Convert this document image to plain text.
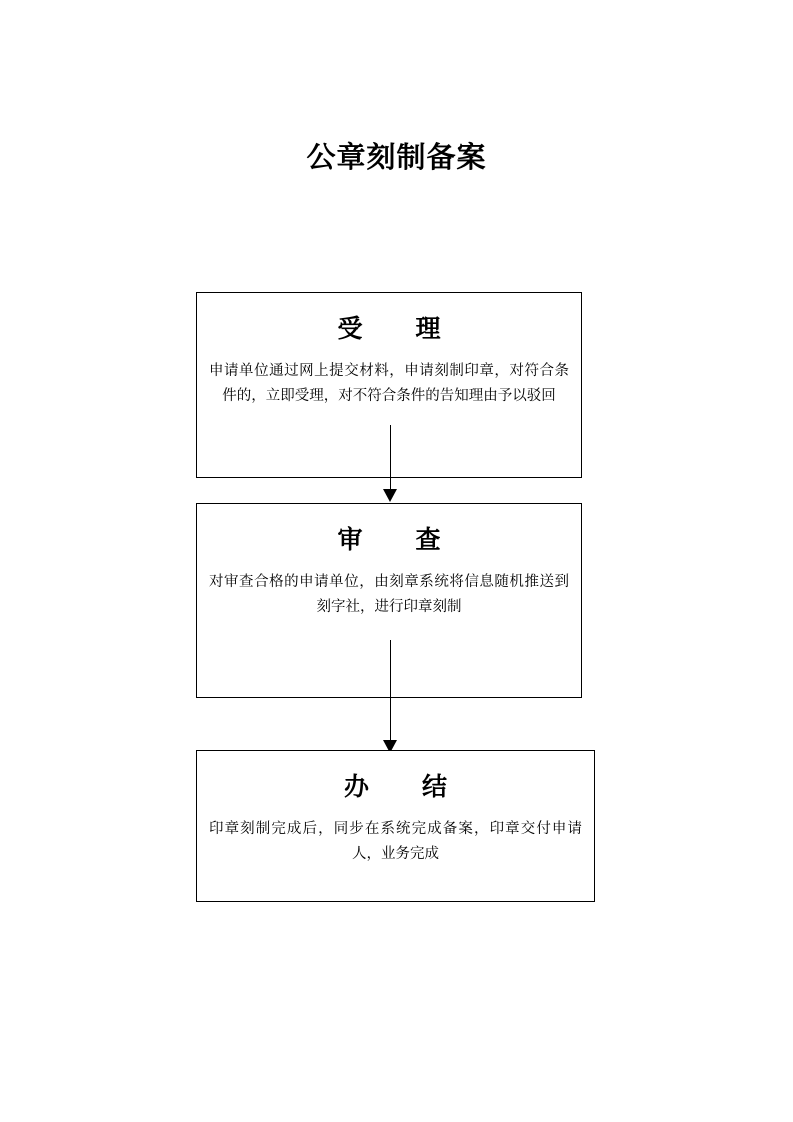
公章刻制备案
受　理
申请单位通过网上提交材料，申请刻制印章，对符合条件的，立即受理，对不符合条件的告知理由予以驳回
审　查
对审查合格的申请单位，由刻章系统将信息随机推送到刻字社，进行印章刻制
办　结
印章刻制完成后，同步在系统完成备案，印章交付申请人，业务完成
